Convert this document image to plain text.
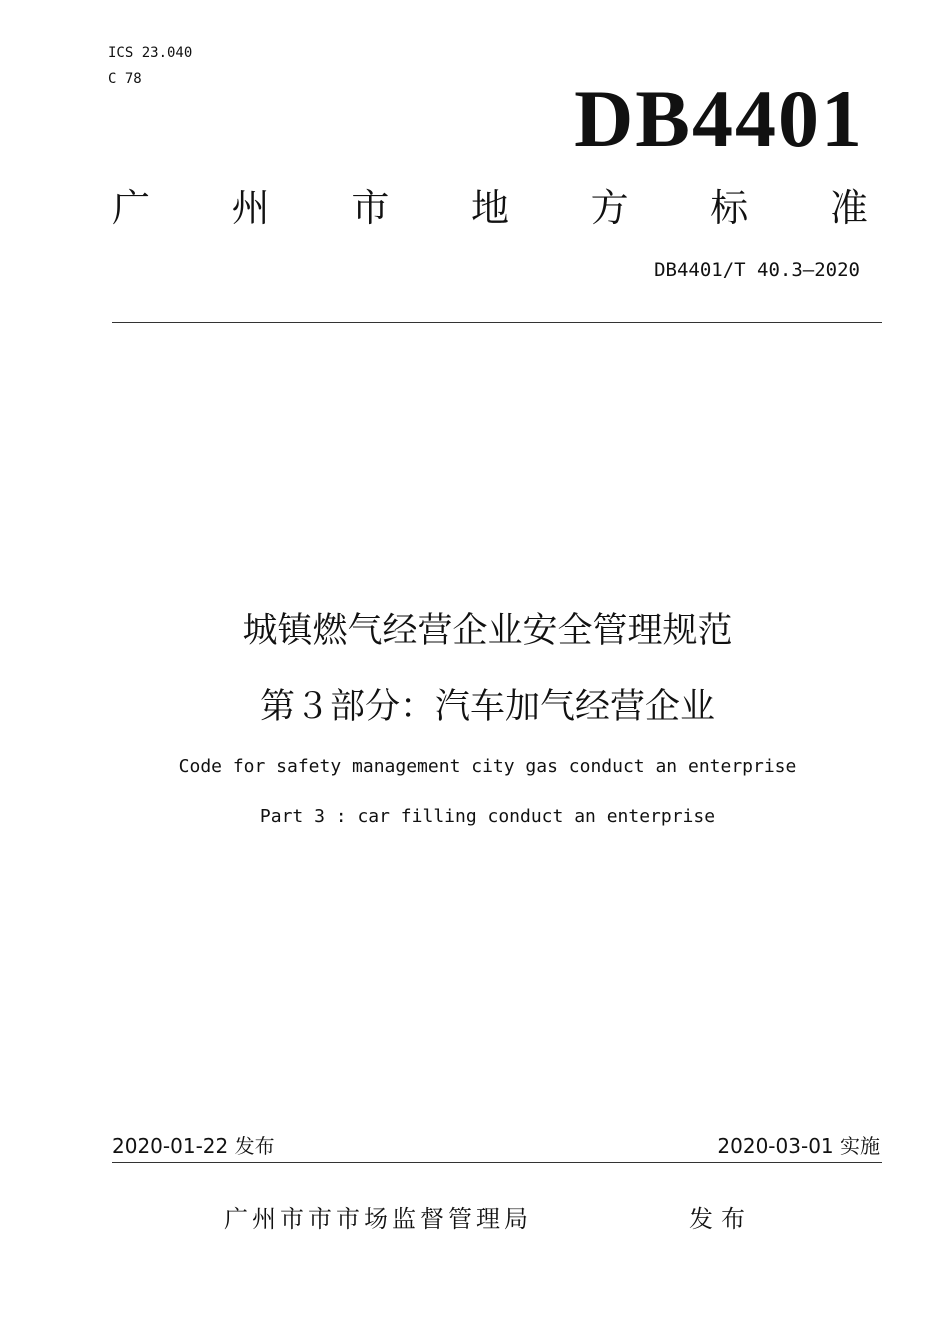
ICS 23.040
C 78	DB4401
广 州 市 地 方 标 准
DB4401/T 40.3—2020
城镇燃气经营企业安全管理规范
第３部分：汽车加气经营企业
Code for safety management city gas conduct an enterprise
Part 3 : car filling conduct an enterprise
2020-01-22 发布	2020-03-01 实施
广州市市市场监督管理局	发布
